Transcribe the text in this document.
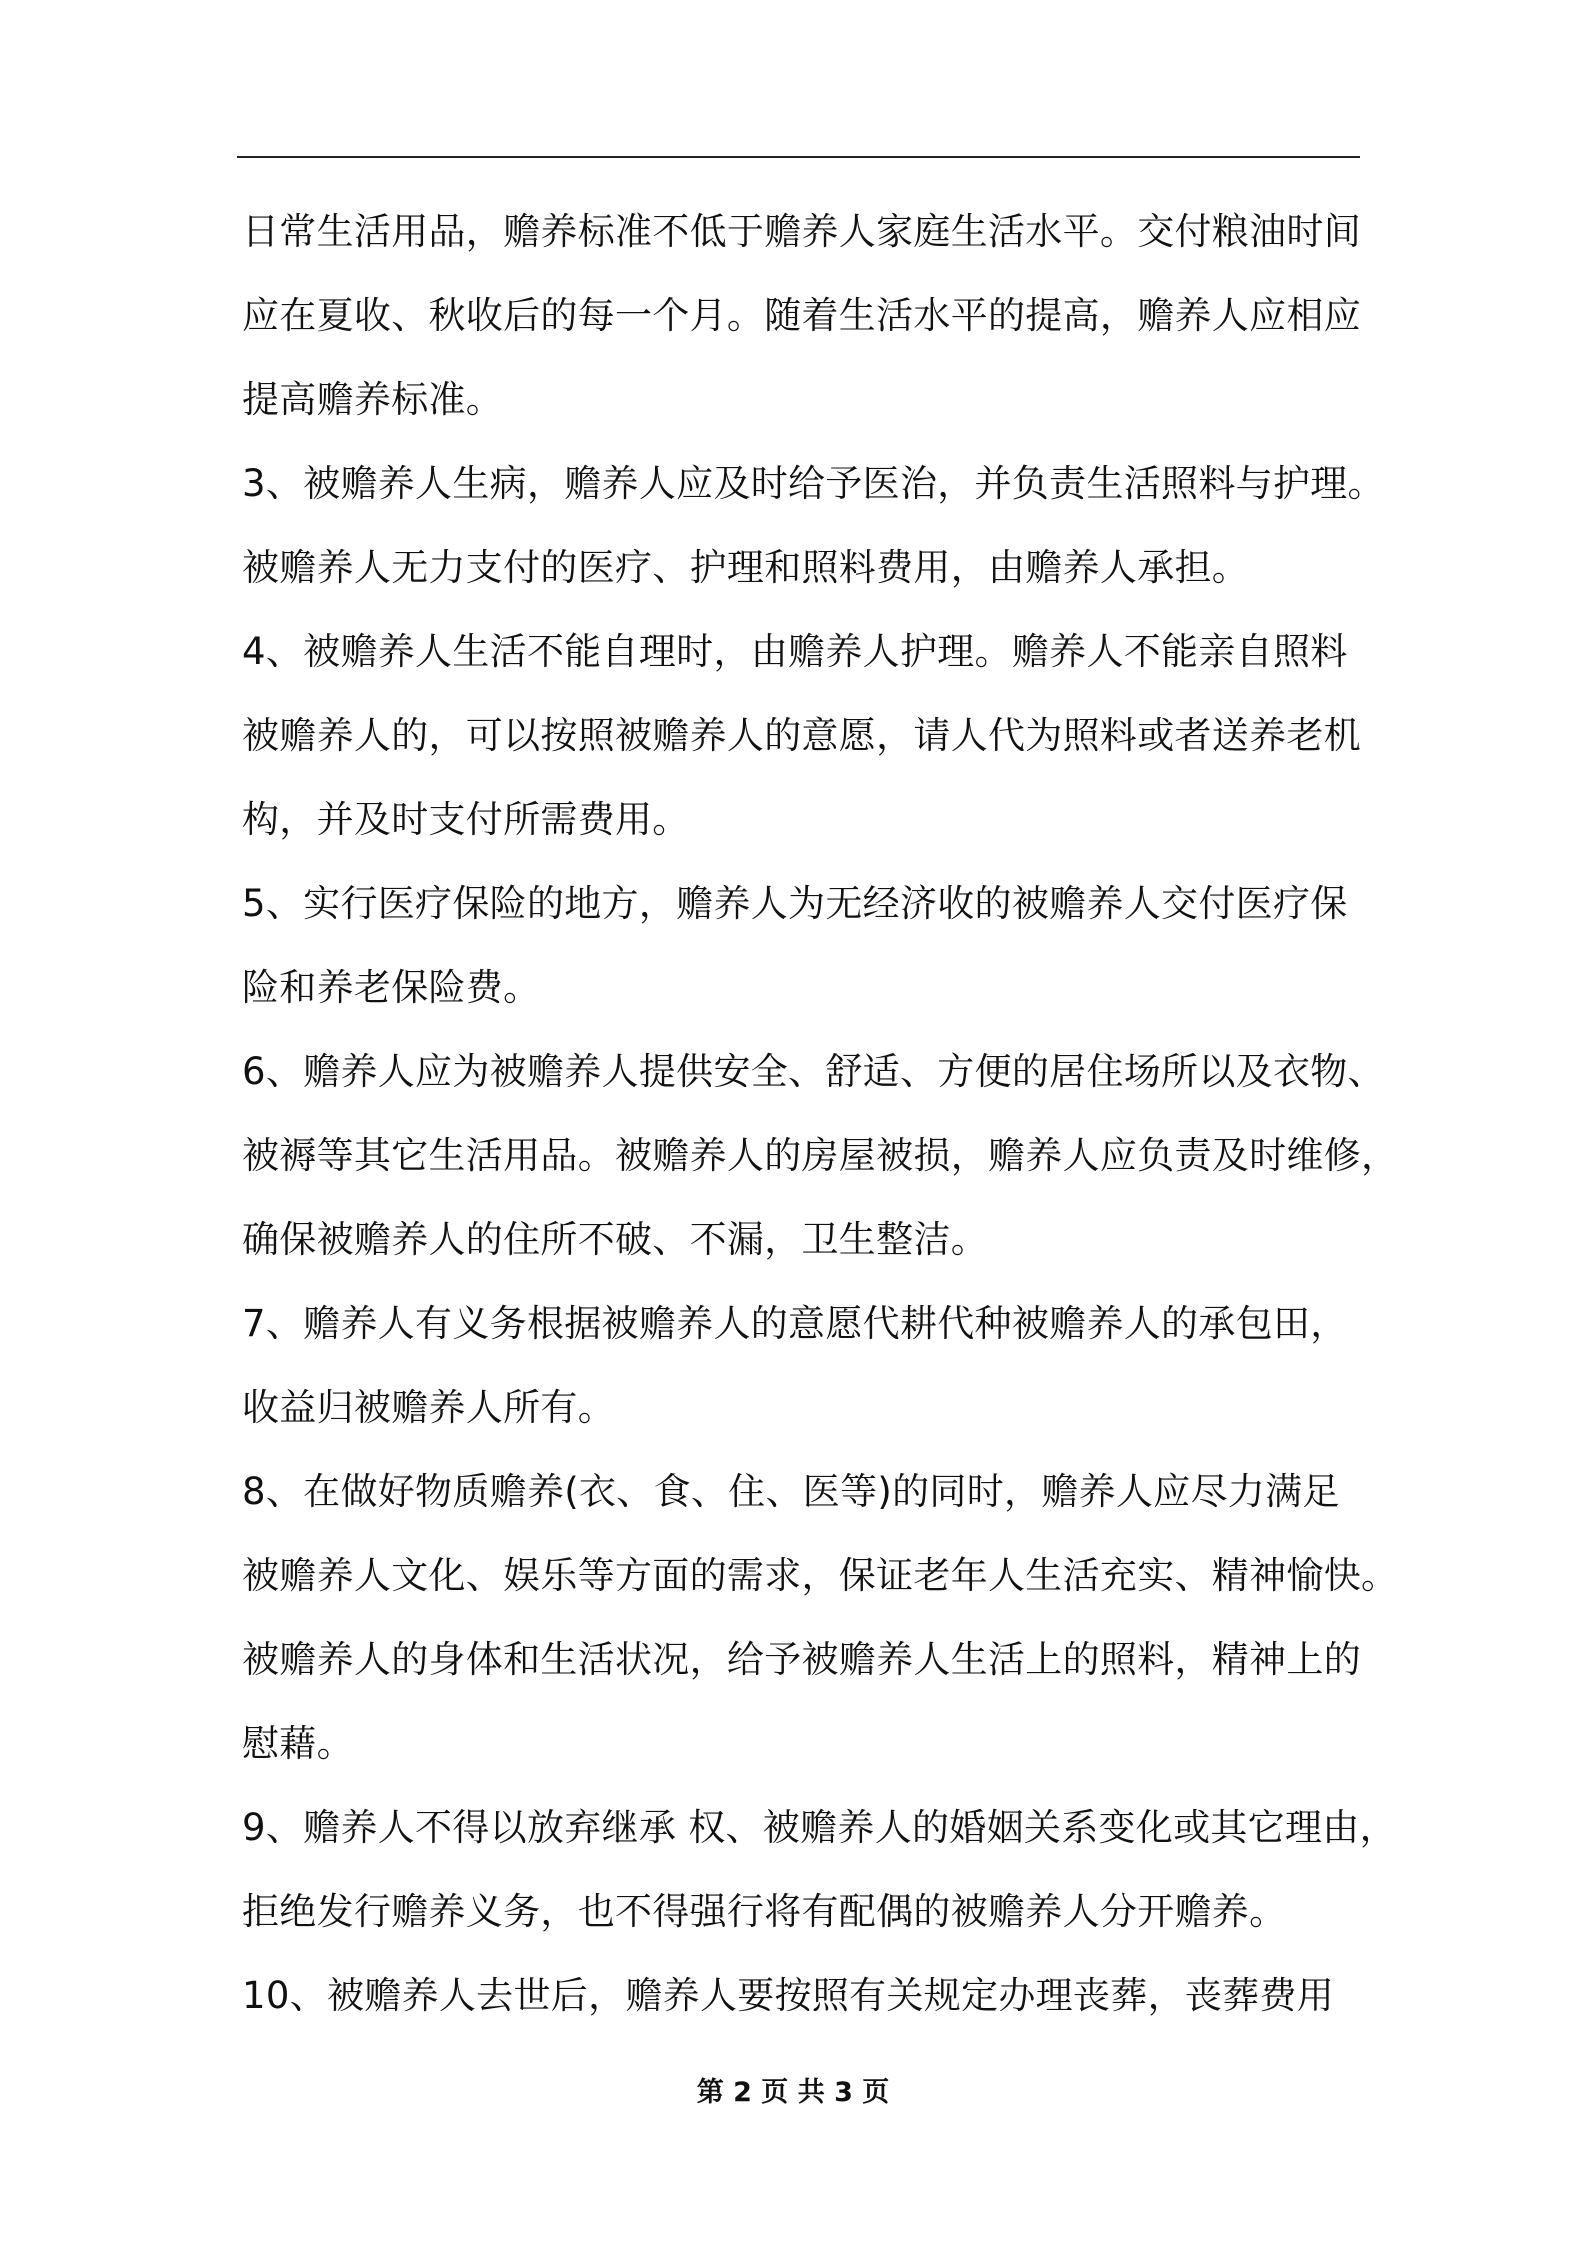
日常生活用品，赡养标准不低于赡养人家庭生活水平。交付粮油时间
应在夏收、秋收后的每一个月。随着生活水平的提高，赡养人应相应
提高赡养标准。
3、被赡养人生病，赡养人应及时给予医治，并负责生活照料与护理。
被赡养人无力支付的医疗、护理和照料费用，由赡养人承担。
4、被赡养人生活不能自理时，由赡养人护理。赡养人不能亲自照料
被赡养人的，可以按照被赡养人的意愿，请人代为照料或者送养老机
构，并及时支付所需费用。
5、实行医疗保险的地方，赡养人为无经济收的被赡养人交付医疗保
险和养老保险费。
6、赡养人应为被赡养人提供安全、舒适、方便的居住场所以及衣物、
被褥等其它生活用品。被赡养人的房屋被损，赡养人应负责及时维修，
确保被赡养人的住所不破、不漏，卫生整洁。
7、赡养人有义务根据被赡养人的意愿代耕代种被赡养人的承包田，
收益归被赡养人所有。
8、在做好物质赡养(衣、食、住、医等)的同时，赡养人应尽力满足
被赡养人文化、娱乐等方面的需求，保证老年人生活充实、精神愉快。
被赡养人的身体和生活状况，给予被赡养人生活上的照料，精神上的
慰藉。
9、赡养人不得以放弃继承 权、被赡养人的婚姻关系变化或其它理由，
拒绝发行赡养义务，也不得强行将有配偶的被赡养人分开赡养。
10、被赡养人去世后，赡养人要按照有关规定办理丧葬，丧葬费用
第 2 页 共 3 页
